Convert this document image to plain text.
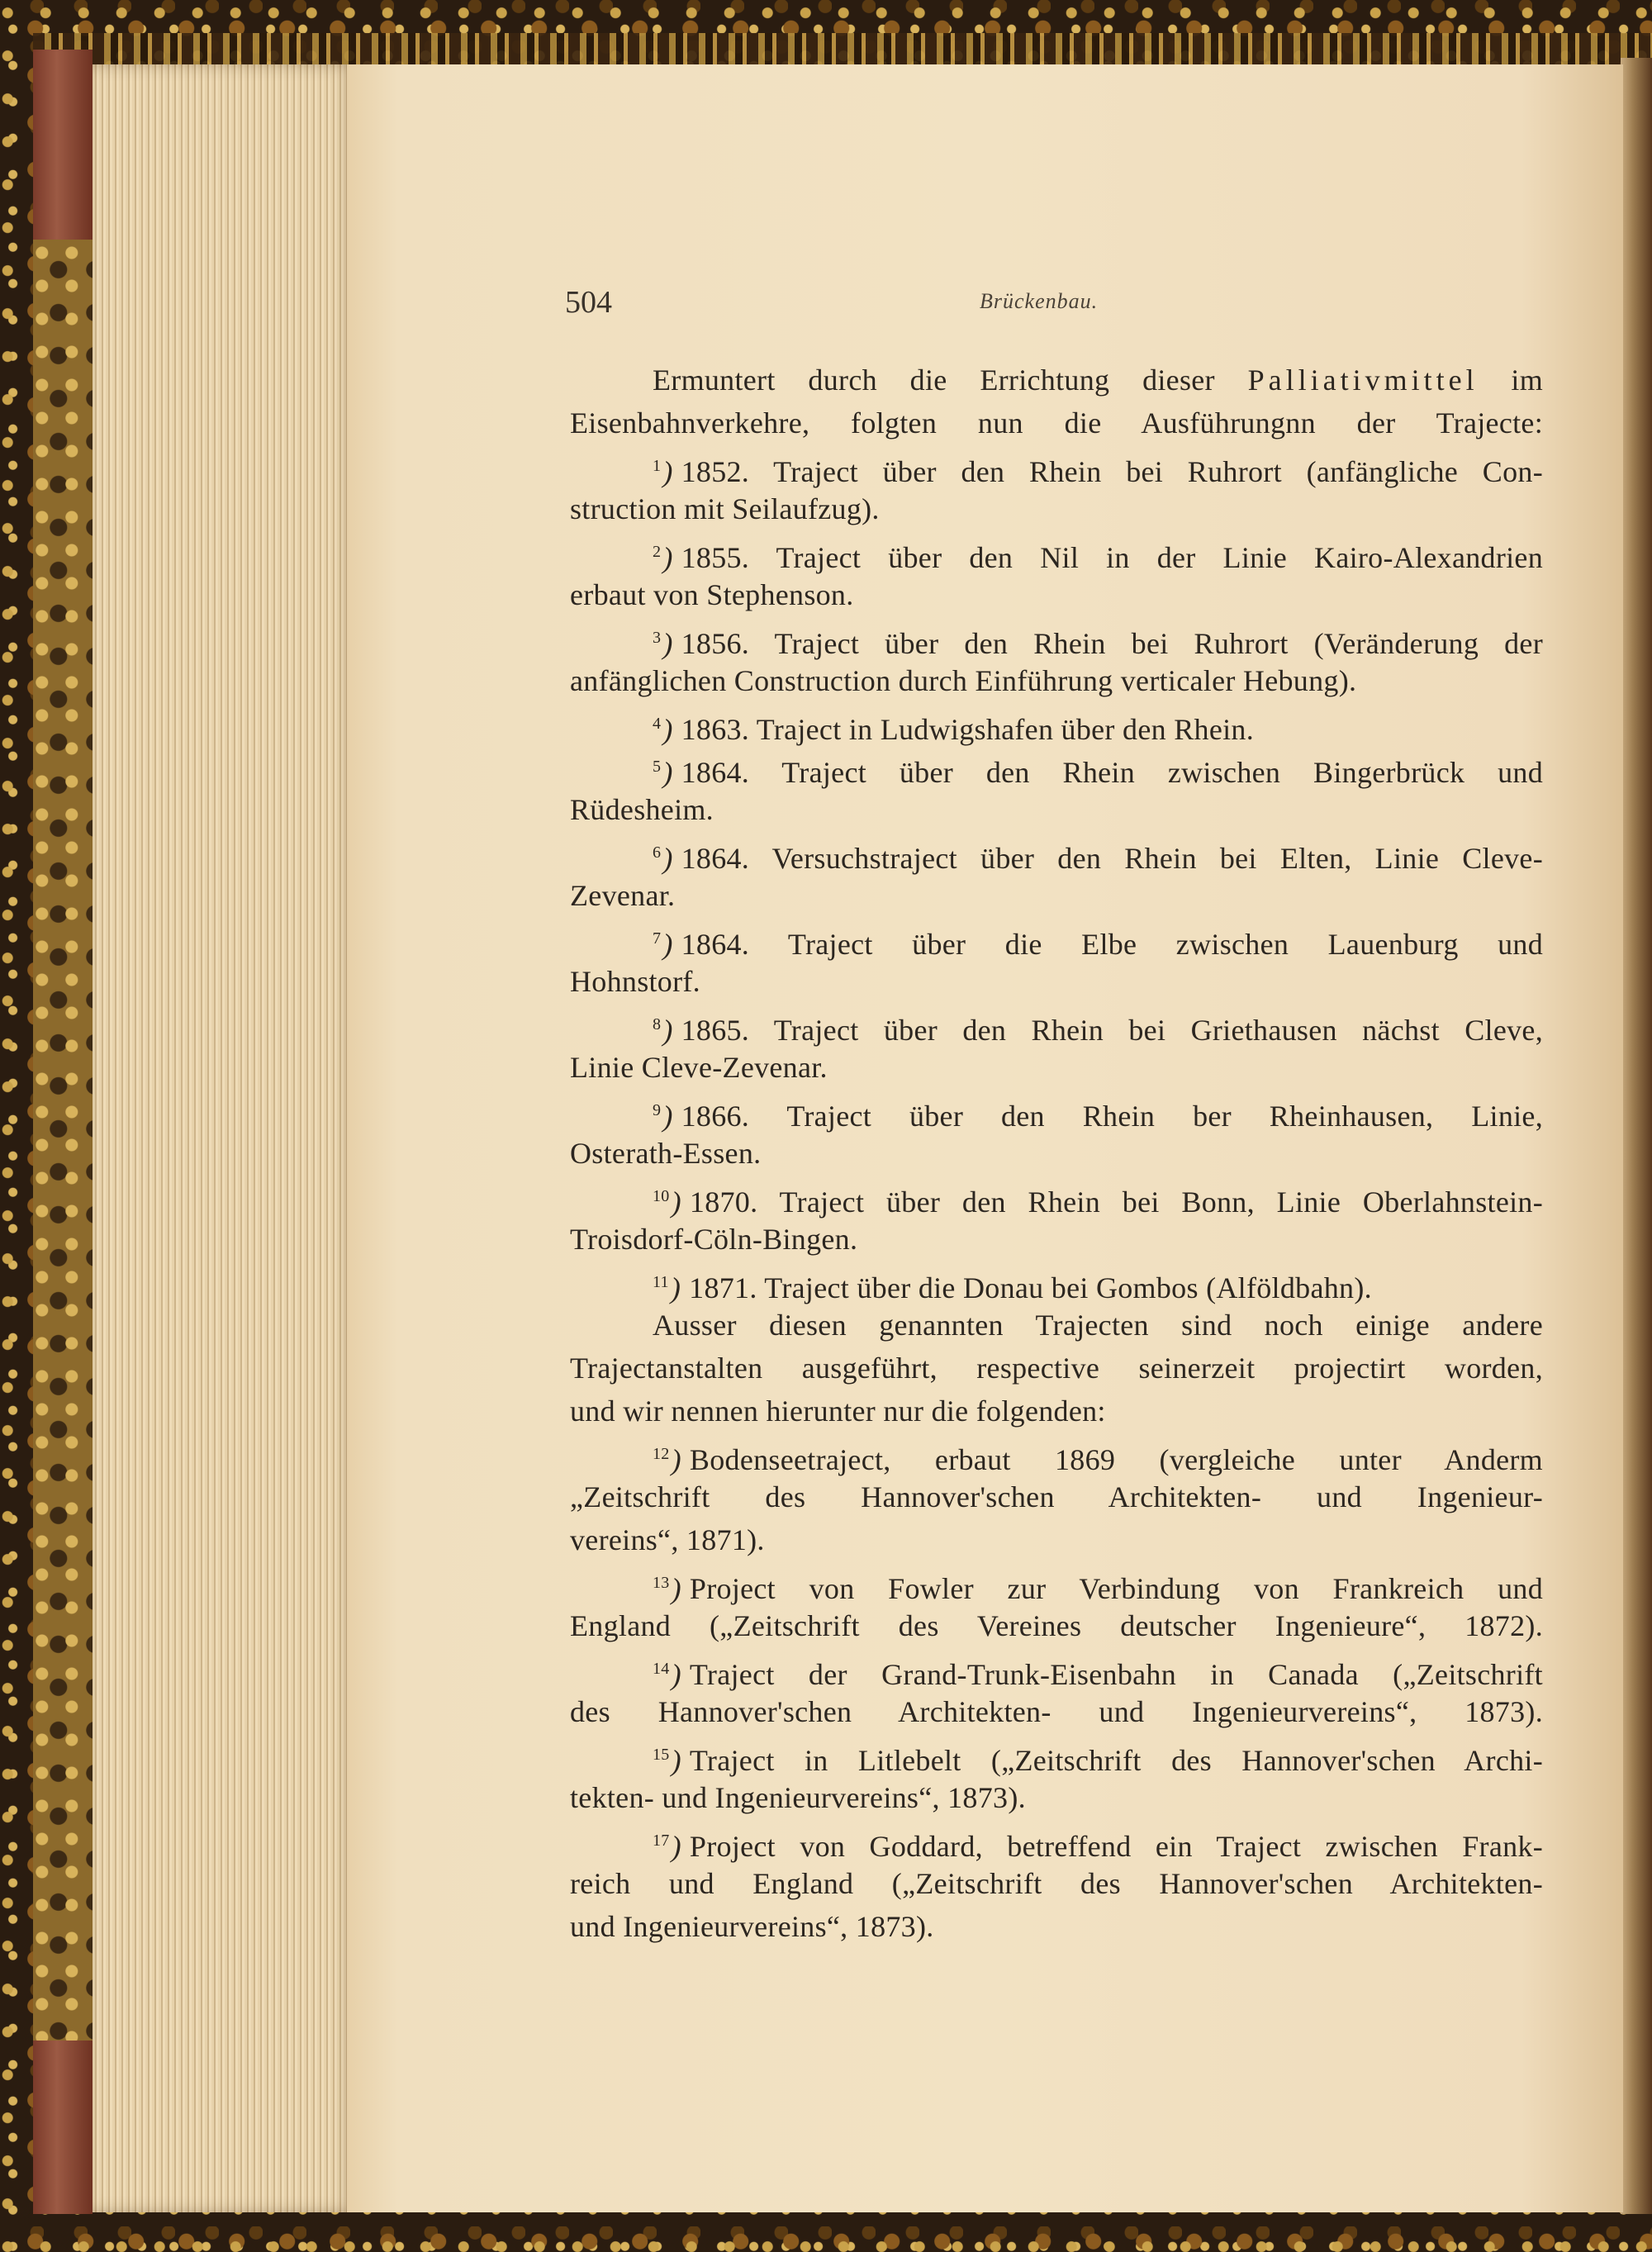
504	Brückenbau.
Ermuntert durch die Errichtung dieser Palliativmittel im
Eisenbahnverkehre, folgten nun die Ausführungnn der Trajecte:
$^1$) 1852. Traject über den Rhein bei Ruhrort (anfängliche Con-
struction mit Seilaufzug).
$^2$) 1855. Traject über den Nil in der Linie Kairo-Alexandrien
erbaut von Stephenson.
$^3$) 1856. Traject über den Rhein bei Ruhrort (Veränderung der
anfänglichen Construction durch Einführung verticaler Hebung).
$^4$) 1863. Traject in Ludwigshafen über den Rhein.
$^5$) 1864. Traject über den Rhein zwischen Bingerbrück und
Rüdesheim.
$^6$) 1864. Versuchstraject über den Rhein bei Elten, Linie Cleve-
Zevenar.
$^7$) 1864. Traject über die Elbe zwischen Lauenburg und
Hohnstorf.
$^8$) 1865. Traject über den Rhein bei Griethausen nächst Cleve,
Linie Cleve-Zevenar.
$^9$) 1866. Traject über den Rhein ber Rheinhausen, Linie,
Osterath-Essen.
$^{10}$) 1870. Traject über den Rhein bei Bonn, Linie Oberlahnstein-
Troisdorf-Cöln-Bingen.
$^{11}$) 1871. Traject über die Donau bei Gombos (Alföldbahn).
Ausser diesen genannten Trajecten sind noch einige andere
Trajectanstalten ausgeführt, respective seinerzeit projectirt worden,
und wir nennen hierunter nur die folgenden:
$^{12}$) Bodenseetraject, erbaut 1869 (vergleiche unter Anderm
„Zeitschrift des Hannover'schen Architekten- und Ingenieur-
vereins“, 1871).
$^{13}$) Project von Fowler zur Verbindung von Frankreich und
England („Zeitschrift des Vereines deutscher Ingenieure“, 1872).
$^{14}$) Traject der Grand-Trunk-Eisenbahn in Canada („Zeitschrift
des Hannover'schen Architekten- und Ingenieurvereins“, 1873).
$^{15}$) Traject in Litlebelt („Zeitschrift des Hannover'schen Archi-
tekten- und Ingenieurvereins“, 1873).
$^{17}$) Project von Goddard, betreffend ein Traject zwischen Frank-
reich und England („Zeitschrift des Hannover'schen Architekten-
und Ingenieurvereins“, 1873).
